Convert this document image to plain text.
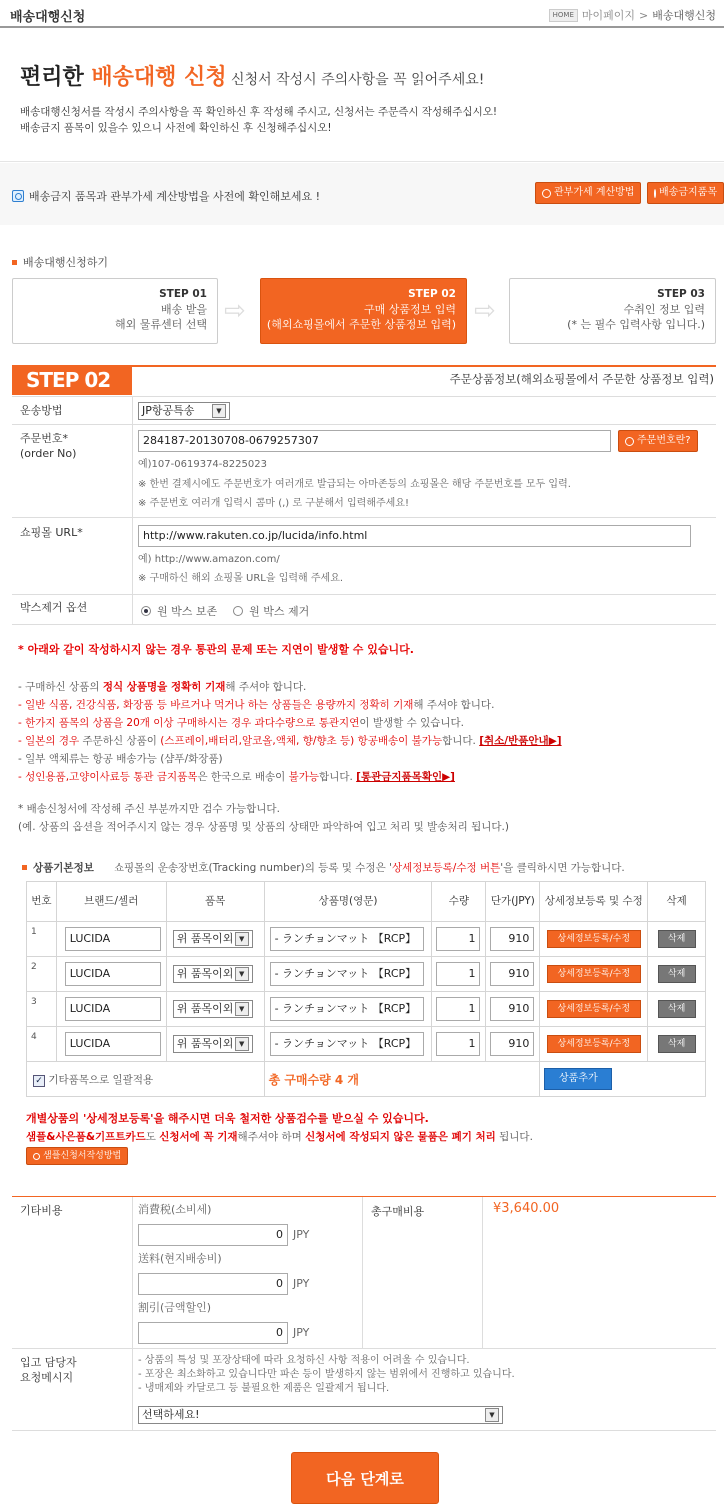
배송대행신청	HOME 마이페이지 > 배송대행신청
편리한 배송대행 신청 신청서 작성시 주의사항을 꼭 읽어주세요!
배송대행신청서를 작성시 주의사항을 꼭 확인하신 후 작성해 주시고, 신청서는 주문즉시 작성해주십시오!
배송금지 품목이 있을수 있으니 사전에 확인하신 후 신청해주십시오!
배송금지 품목과 관부가세 계산방법을 사전에 확인해보세요 !	관부가세 계산방법 배송금지품목
배송대행신청하기
STEP 01
배송 받을
해외 물류센터 선택 ⇨
STEP 02
구매 상품정보 입력
(해외쇼핑몰에서 주문한 상품정보 입력) ⇨
STEP 03
수취인 정보 입력
(* 는 필수 입력사항 입니다.)
STEP 02	주문상품정보(해외쇼핑몰에서 주문한 상품정보 입력)
운송방법	JP항공특송	▼
주문번호*
(order No)
284187-20130708-0679257307	주문번호란?
예)107-0619374-8225023
※ 한번 결제시에도 주문번호가 여러개로 발급되는 아마존등의 쇼핑몰은 해당 주문번호를 모두 입력.
※ 주문번호 여러개 입력시 콤마 (,) 로 구분해서 입력해주세요!
쇼핑몰 URL*	http://www.rakuten.co.jp/lucida/info.html
예) http://www.amazon.com/
※ 구매하신 해외 쇼핑몰 URL을 입력해 주세요.
박스제거 옵션	원 박스 보존	원 박스 제거
* 아래와 같이 작성하시지 않는 경우 통관의 문제 또는 지연이 발생할 수 있습니다.
- 구매하신 상품의 정식 상품명을 정확히 기재해 주셔야 합니다.
- 일반 식품, 건강식품, 화장품 등 바르거나 먹거나 하는 상품들은 용량까지 정확히 기재해 주셔야 합니다.
- 한가지 품목의 상품을 20개 이상 구매하시는 경우 과다수량으로 통관지연이 발생할 수 있습니다.
- 일본의 경우 주문하신 상품이 (스프레이,배터리,알코올,액체, 향/향초 등) 항공배송이 불가능합니다. [취소/반품안내▶]
- 일부 액체류는 항공 배송가능 (샴푸/화장품)
- 성인용품,고양이사료등 통관 금지품목은 한국으로 배송이 불가능합니다. [통관금지품목확인▶]
* 배송신청서에 작성해 주신 부분까지만 검수 가능합니다.
(예. 상품의 옵션을 적어주시지 않는 경우 상품명 및 상품의 상태만 파악하여 입고 처리 및 발송처리 됩니다.)
상품기본정보 쇼핑몰의 운송장번호(Tracking number)의 등록 및 수정은 ' 상세정보등록/수정 버튼 '을 클릭하시면 가능합니다.
번호	브랜드/셀러	품목	상품명(영문)	수량	단가(JPY)	상세정보등록 및 수정	삭제
1	LUCIDA	위 품목이외 ▼	- ランチョンマット 【RCP】	1	910	상세정보등록/수정	삭제

2	LUCIDA	위 품목이외 ▼	- ランチョンマット 【RCP】	1	910	상세정보등록/수정	삭제

3	LUCIDA	위 품목이외 ▼	- ランチョンマット 【RCP】	1	910	상세정보등록/수정	삭제

4	LUCIDA	위 품목이외 ▼	- ランチョンマット 【RCP】	1	910	상세정보등록/수정	삭제

✓ 기타품목으로 일괄적용			총 구매수량 4 개			상품추가	
개별상품의 '상세정보등록'을 해주시면 더욱 철저한 상품검수를 받으실 수 있습니다.
샘플&사은품&기프트카드도 신청서에 꼭 기재해주셔야 하며 신청서에 작성되지 않은 물품은 폐기 처리 됩니다.
샘플신청서작성방법
기타비용	消費税(소비세)
0 JPY
送料(현지배송비)
0 JPY
割引(금액할인)
0 JPY
총구매비용	¥3,640.00
입고 담당자
요청메시지
- 상품의 특성 및 포장상태에 따라 요청하신 사항 적용이 어려울 수 있습니다.
- 포장은 최소화하고 있습니다만 파손 등이 발생하지 않는 범위에서 진행하고 있습니다.
- 냉매제와 카달로그 등 불필요한 제품은 일괄제거 됩니다.
선택하세요!	▼
다음 단계로
